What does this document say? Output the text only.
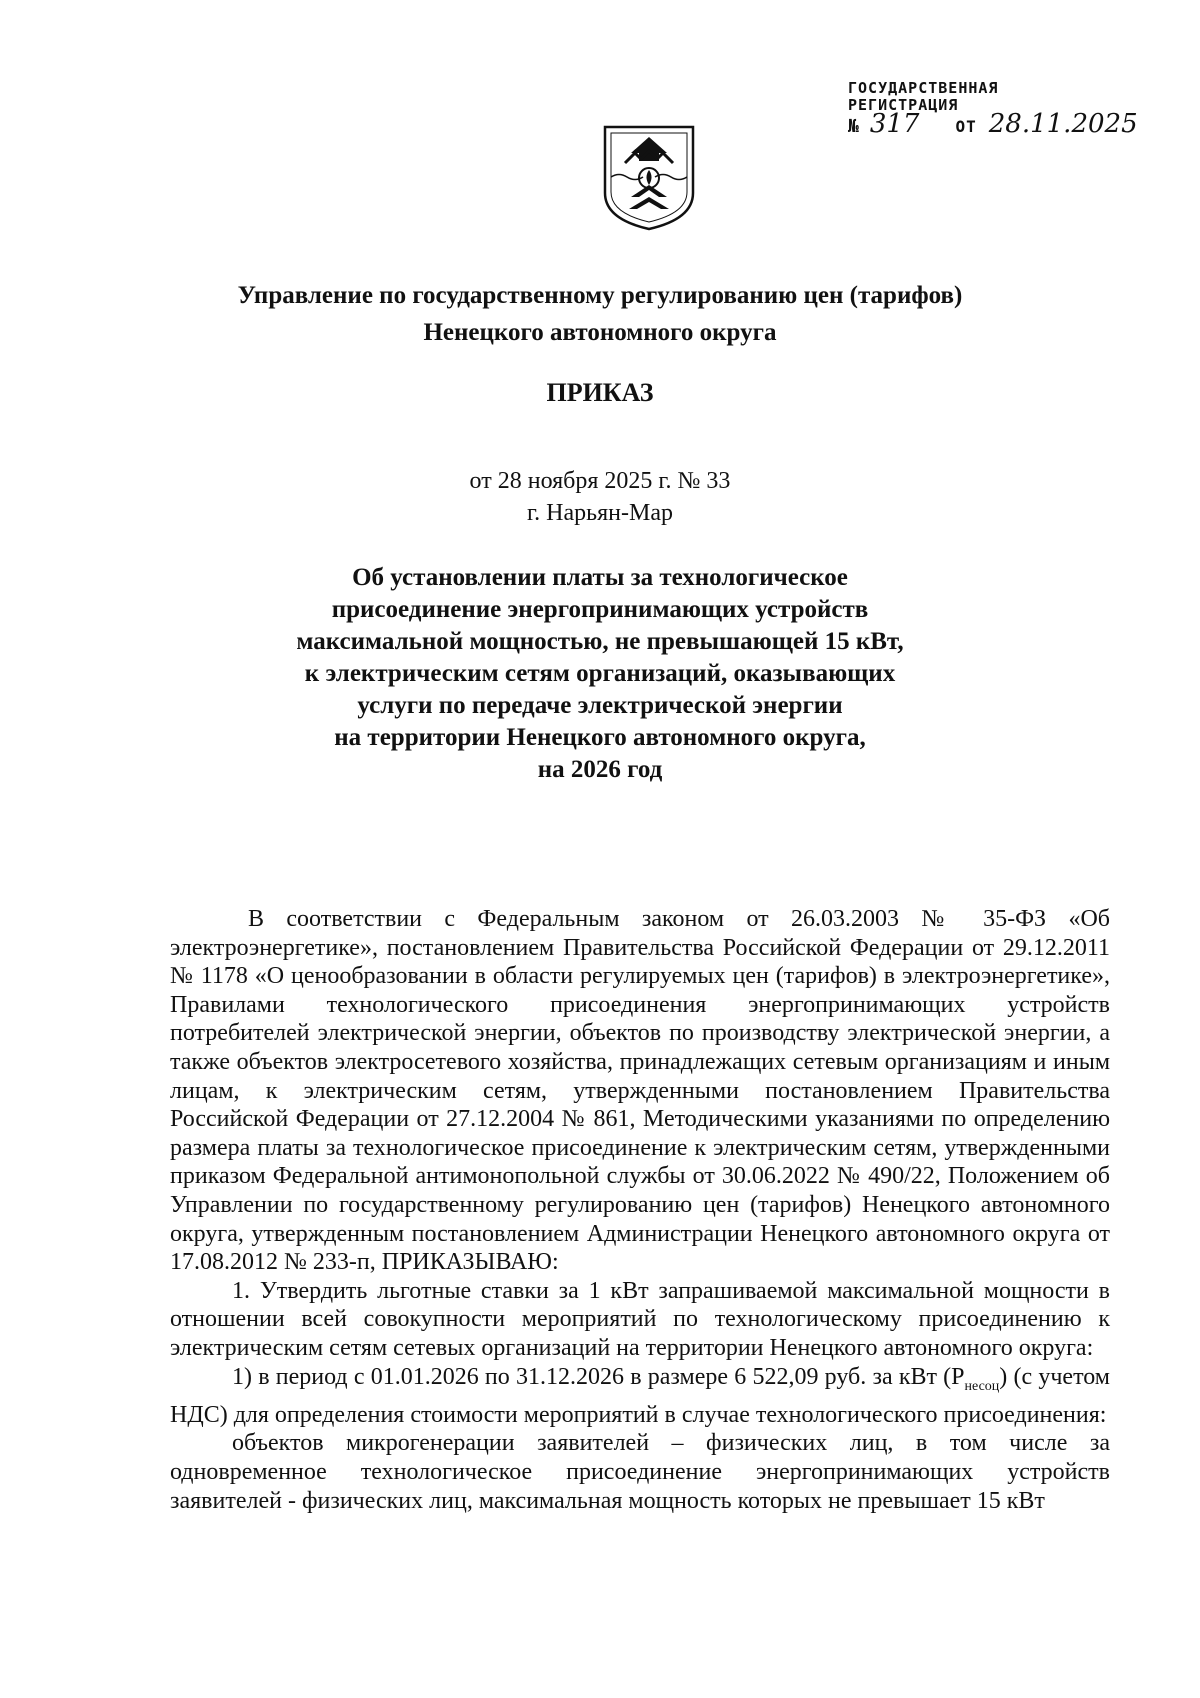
ГОСУДАРСТВЕННАЯ
РЕГИСТРАЦИЯ
№ 317 ОТ 28.11.2025
Управление по государственному регулированию цен (тарифов)
Ненецкого автономного округа
ПРИКАЗ
от 28 ноября 2025 г. № 33
г. Нарьян-Мар
Об установлении платы за технологическое
присоединение энергопринимающих устройств
максимальной мощностью, не превышающей 15 кВт,
к электрическим сетям организаций, оказывающих
услуги по передаче электрической энергии
на территории Ненецкого автономного округа,
на 2026 год

В соответствии с Федеральным законом от 26.03.2003 № 35-ФЗ «Об электроэнергетике», постановлением Правительства Российской Федерации от 29.12.2011 № 1178 «О ценообразовании в области регулируемых цен (тарифов) в электроэнергетике», Правилами технологического присоединения энергопринимающих устройств потребителей электрической энергии, объектов по производству электрической энергии, а также объектов электросетевого хозяйства, принадлежащих сетевым организациям и иным лицам, к электрическим сетям, утвержденными постановлением Правительства Российской Федерации от 27.12.2004 № 861, Методическими указаниями по определению размера платы за технологическое присоединение к электрическим сетям, утвержденными приказом Федеральной антимонопольной службы от 30.06.2022 № 490/22, Положением об Управлении по государственному регулированию цен (тарифов) Ненецкого автономного округа, утвержденным постановлением Администрации Ненецкого автономного округа от 17.08.2012 № 233-п, ПРИКАЗЫВАЮ:

1. Утвердить льготные ставки за 1 кВт запрашиваемой максимальной мощности в отношении всей совокупности мероприятий по технологическому присоединению к электрическим сетям сетевых организаций на территории Ненецкого автономного округа:

1) в период с 01.01.2026 по 31.12.2026 в размере 6 522,09 руб. за кВт $(P_{несоц})$ (с учетом НДС) для определения стоимости мероприятий в случае технологического присоединения:

объектов микрогенерации заявителей – физических лиц, в том числе за одновременное технологическое присоединение энергопринимающих устройств заявителей - физических лиц, максимальная мощность которых не превышает 15 кВт
